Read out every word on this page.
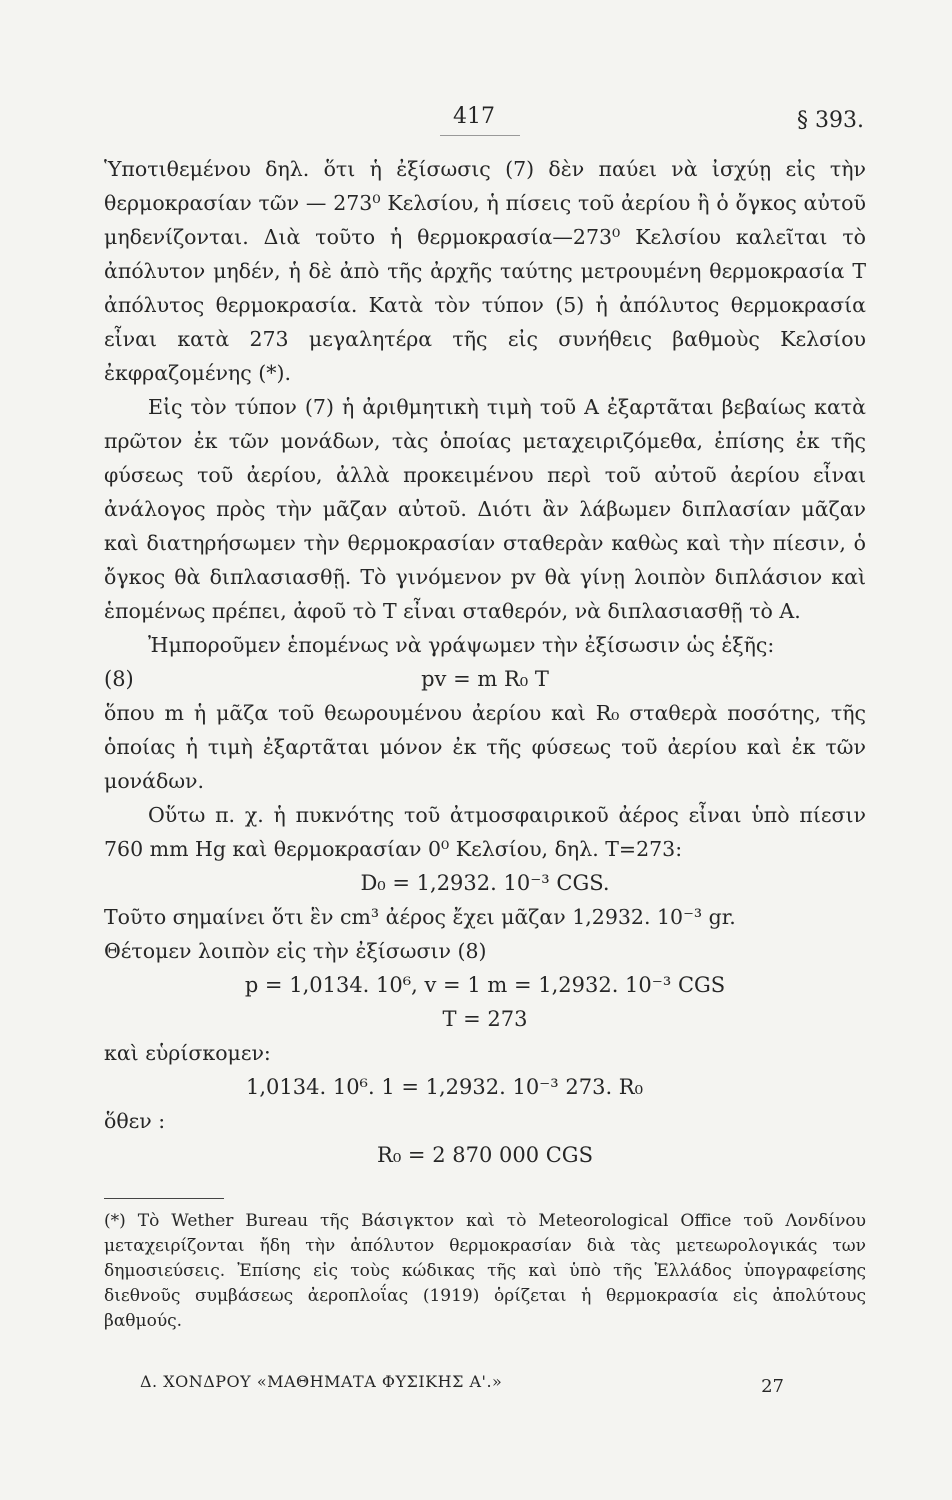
417	§ 393.

Ὑποτιθεμένου δηλ. ὅτι ἡ ἐξίσωσις (7) δὲν παύει νὰ ἰσχύῃ εἰς τὴν θερμοκρασίαν τῶν — 273⁰ Κελσίου, ἡ πίσεις τοῦ ἀερίου ἢ ὁ ὄγκος αὐτοῦ μηδενίζονται. Διὰ τοῦτο ἡ θερμοκρασία—273⁰ Κελσίου καλεῖται τὸ ἀπόλυτον μηδέν, ἡ δὲ ἀπὸ τῆς ἀρχῆς ταύτης μετρουμένη θερμοκρασία T ἀπόλυτος θερμοκρασία. Κατὰ τὸν τύπον (5) ἡ ἀπόλυτος θερμοκρασία εἶναι κατὰ 273 μεγαλητέρα τῆς εἰς συνήθεις βαθμοὺς Κελσίου ἐκφραζομένης (*).

Εἰς τὸν τύπον (7) ἡ ἀριθμητικὴ τιμὴ τοῦ A ἐξαρτᾶται βεβαίως κατὰ πρῶτον ἐκ τῶν μονάδων, τὰς ὁποίας μεταχειριζόμεθα, ἐπίσης ἐκ τῆς φύσεως τοῦ ἀερίου, ἀλλὰ προκειμένου περὶ τοῦ αὐτοῦ ἀερίου εἶναι ἀνάλογος πρὸς τὴν μᾶζαν αὐτοῦ. Διότι ἂν λάβωμεν διπλασίαν μᾶζαν καὶ διατηρήσωμεν τὴν θερμοκρασίαν σταθερὰν καθὼς καὶ τὴν πίεσιν, ὁ ὄγκος θὰ διπλασιασθῇ. Τὸ γινόμενον pv θὰ γίνῃ λοιπὸν διπλάσιον καὶ ἑπομένως πρέπει, ἀφοῦ τὸ T εἶναι σταθερόν, νὰ διπλασιασθῇ τὸ A.

Ἠμποροῦμεν ἑπομένως νὰ γράψωμεν τὴν ἐξίσωσιν ὡς ἑξῆς:

(8)	pv = m R₀ T

ὅπου m ἡ μᾶζα τοῦ θεωρουμένου ἀερίου καὶ R₀ σταθερὰ ποσότης, τῆς ὁποίας ἡ τιμὴ ἐξαρτᾶται μόνον ἐκ τῆς φύσεως τοῦ ἀερίου καὶ ἐκ τῶν μονάδων.

Οὕτω π. χ. ἡ πυκνότης τοῦ ἀτμοσφαιρικοῦ ἀέρος εἶναι ὑπὸ πίεσιν 760 mm Hg καὶ θερμοκρασίαν 0⁰ Κελσίου, δηλ. T=273:

D₀ = 1,2932. 10⁻³ CGS.

Τοῦτο σημαίνει ὅτι ἓν cm³ ἀέρος ἔχει μᾶζαν 1,2932. 10⁻³ gr.

Θέτομεν λοιπὸν εἰς τὴν ἐξίσωσιν (8)

p = 1,0134. 10⁶, v = 1 m = 1,2932. 10⁻³ CGS
T = 273
καὶ εὑρίσκομεν:
1,0134. 10⁶. 1 = 1,2932. 10⁻³ 273. R₀
ὅθεν :
R₀ = 2 870 000 CGS

(*) Τὸ Wether Bureau τῆς Βάσιγκτον καὶ τὸ Meteorological Office τοῦ Λονδίνου μεταχειρίζονται ἤδη τὴν ἀπόλυτον θερμοκρασίαν διὰ τὰς μετεωρολογικάς των δημοσιεύσεις. Ἐπίσης εἰς τοὺς κώδικας τῆς καὶ ὑπὸ τῆς Ἑλλάδος ὑπογραφείσης διεθνοῦς συμβάσεως ἀεροπλοΐας (1919) ὁρίζεται ἡ θερμοκρασία εἰς ἀπολύτους βαθμούς.

Δ. ΧΟΝΔΡΟΥ «ΜΑΘΗΜΑΤΑ ΦΥΣΙΚΗΣ Α'.»	27
